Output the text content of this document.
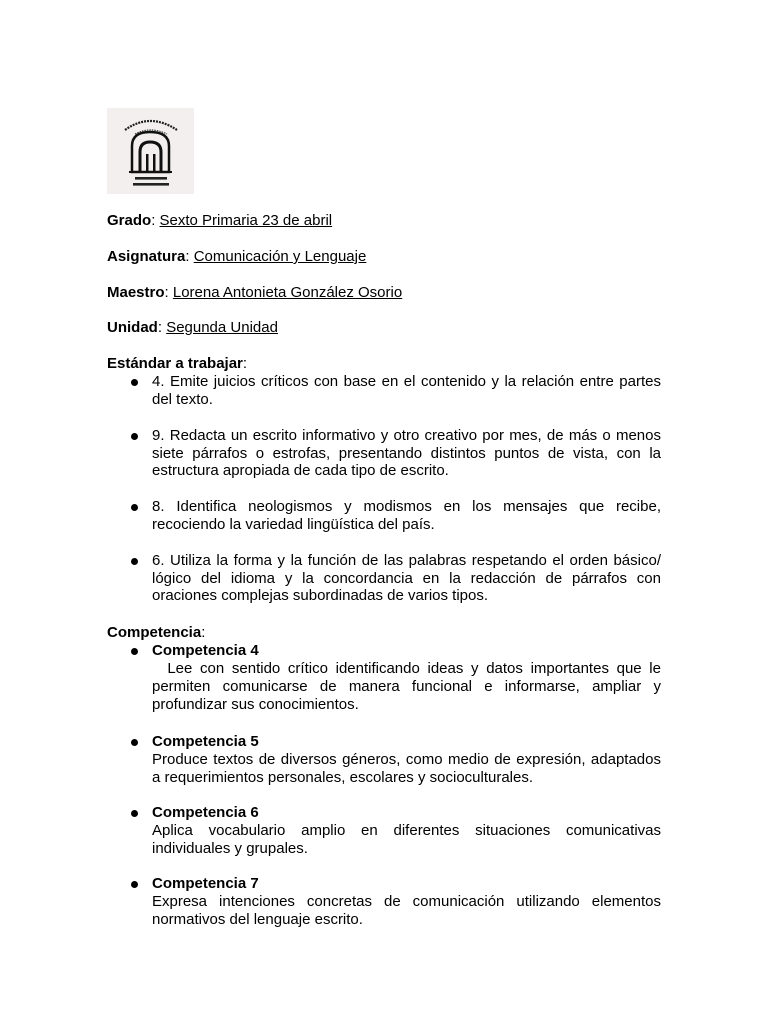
Grado: Sexto Primaria 23 de abril
Asignatura: Comunicación y Lenguaje
Maestro: Lorena Antonieta González Osorio
Unidad: Segunda Unidad
Estándar a trabajar:
4. Emite juicios críticos con base en el contenido y la relación entre partes del texto.
9. Redacta un escrito informativo y otro creativo por mes, de más o menos siete párrafos o estrofas, presentando distintos puntos de vista, con la estructura apropiada de cada tipo de escrito.
8. Identifica neologismos y modismos en los mensajes que recibe, recociendo la variedad lingüística del país.
6. Utiliza la forma y la función de las palabras respetando el orden básico/ lógico del idioma y la concordancia en la redacción de párrafos con oraciones complejas subordinadas de varios tipos.
Competencia:
Competencia 4
Lee con sentido crítico identificando ideas y datos importantes que le permiten comunicarse de manera funcional e informarse, ampliar y profundizar sus conocimientos.
Competencia 5
Produce textos de diversos géneros, como medio de expresión, adaptados a requerimientos personales, escolares y socioculturales.
Competencia 6
Aplica vocabulario amplio en diferentes situaciones comunicativas individuales y grupales.
Competencia 7
Expresa intenciones concretas de comunicación utilizando elementos normativos del lenguaje escrito.
